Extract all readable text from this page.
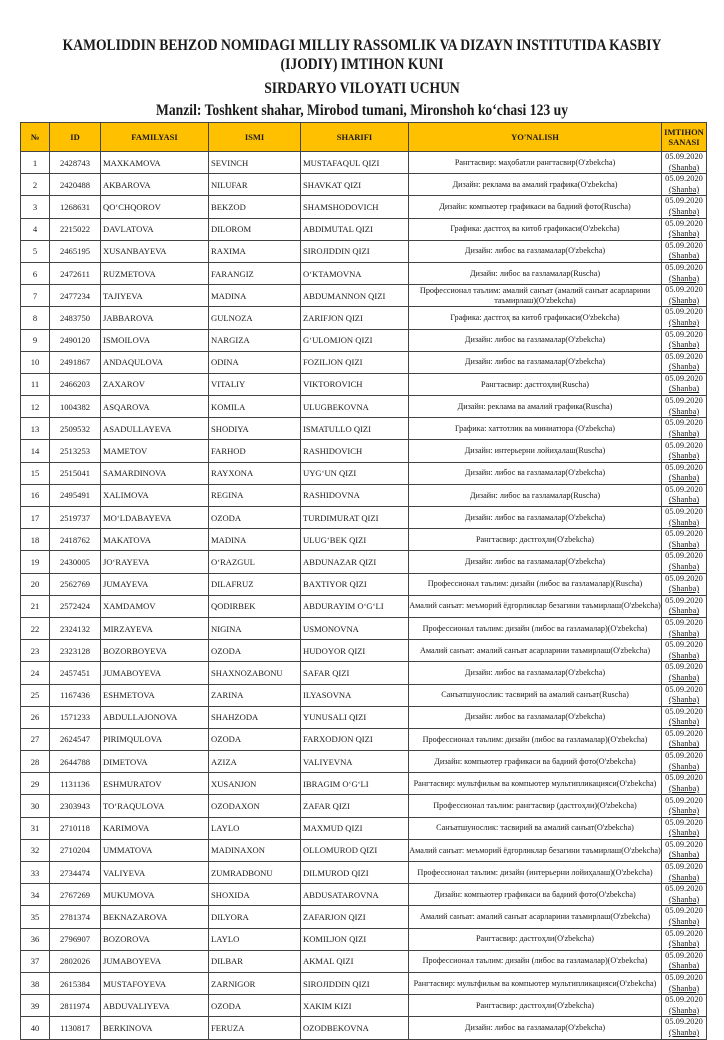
KAMOLIDDIN BEHZOD NOMIDAGI MILLIY RASSOMLIK VA DIZAYN INSTITUTIDA KASBIY
(IJODIY) IMTIHON KUNI
SIRDARYO VILOYATI UCHUN
Manzil: Toshkent shahar, Mirobod tumani, Mironshoh ko‘chasi 123 uy
№	ID	FAMILYASI	ISMI	SHARIFI	YO'NALISH	IMTIHON SANASI
1	2428743	MAXKAMOVA	SEVINCH	MUSTAFAQUL QIZI	Рангтасвир: маҳобатли рангтасвир(O'zbekcha)	05.09.2020
(Shanba)

2	2420488	AKBAROVA	NILUFAR	SHAVKAT QIZI	Дизайн: реклама ва амалий графика(O'zbekcha)	05.09.2020
(Shanba)

3	1268631	QO‘CHQOROV	BEKZOD	SHAMSHODOVICH	Дизайн: компьютер графикаси ва бадиий фото(Ruscha)	05.09.2020
(Shanba)

4	2215022	DAVLATOVA	DILOROM	ABDIMUTAL QIZI	Графика: дастгоҳ ва китоб графикаси(O'zbekcha)	05.09.2020
(Shanba)

5	2465195	XUSANBAYEVA	RAXIMA	SIROJIDDIN QIZI	Дизайн: либос ва газламалар(O'zbekcha)	05.09.2020
(Shanba)

6	2472611	RUZMETOVA	FARANGIZ	O‘KTAMOVNA	Дизайн: либос ва газламалар(Ruscha)	05.09.2020
(Shanba)

7	2477234	TAJIYEVA	MADINA	ABDUMANNON QIZI	Профессионал таълим: амалий санъат (амалий санъат асарларини таъмирлаш)(O'zbekcha)	05.09.2020
(Shanba)

8	2483750	JABBAROVA	GULNOZA	ZARIFJON QIZI	Графика: дастгоҳ ва китоб графикаси(O'zbekcha)	05.09.2020
(Shanba)

9	2490120	ISMOILOVA	NARGIZA	G‘ULOMJON QIZI	Дизайн: либос ва газламалар(O'zbekcha)	05.09.2020
(Shanba)

10	2491867	ANDAQULOVA	ODINA	FOZILJON QIZI	Дизайн: либос ва газламалар(O'zbekcha)	05.09.2020
(Shanba)

11	2466203	ZAXAROV	VITALIY	VIKTOROVICH	Рангтасвир: дастгоҳли(Ruscha)	05.09.2020
(Shanba)

12	1004382	ASQAROVA	KOMILA	ULUGBEKOVNA	Дизайн: реклама ва амалий графика(Ruscha)	05.09.2020
(Shanba)

13	2509532	ASADULLAYEVA	SHODIYA	ISMATULLO QIZI	Графика: хаттотлик ва миниатюра (O'zbekcha)	05.09.2020
(Shanba)

14	2513253	MAMETOV	FARHOD	RASHIDOVICH	Дизайн: интерьерни лойиҳалаш(Ruscha)	05.09.2020
(Shanba)

15	2515041	SAMARDINOVA	RAYXONA	UYG‘UN QIZI	Дизайн: либос ва газламалар(O'zbekcha)	05.09.2020
(Shanba)

16	2495491	XALIMOVA	REGINA	RASHIDOVNA	Дизайн: либос ва газламалар(Ruscha)	05.09.2020
(Shanba)

17	2519737	MO‘LDABAYEVA	OZODA	TURDIMURAT QIZI	Дизайн: либос ва газламалар(O'zbekcha)	05.09.2020
(Shanba)

18	2418762	MAKATOVA	MADINA	ULUG‘BEK QIZI	Рангтасвир: дастгоҳли(O'zbekcha)	05.09.2020
(Shanba)

19	2430005	JO‘RAYEVA	O‘RAZGUL	ABDUNAZAR QIZI	Дизайн: либос ва газламалар(O'zbekcha)	05.09.2020
(Shanba)

20	2562769	JUMAYEVA	DILAFRUZ	BAXTIYOR QIZI	Профессионал таълим: дизайн (либос ва газламалар)(Ruscha)	05.09.2020
(Shanba)

21	2572424	XAMDAMOV	QODIRBEK	ABDURAYIM O‘G‘LI	Амалий санъат: меъморий ёдгорликлар безагини таъмирлаш(O'zbekcha)	05.09.2020
(Shanba)

22	2324132	MIRZAYEVA	NIGINA	USMONOVNA	Профессионал таълим: дизайн (либос ва газламалар)(O'zbekcha)	05.09.2020
(Shanba)

23	2323128	BOZORBOYEVA	OZODA	HUDOYOR QIZI	Амалий санъат: амалий санъат асарларини таъмирлаш(O'zbekcha)	05.09.2020
(Shanba)

24	2457451	JUMABOYEVA	SHAXNOZABONU	SAFAR QIZI	Дизайн: либос ва газламалар(O'zbekcha)	05.09.2020
(Shanba)

25	1167436	ESHMETOVA	ZARINA	ILYASOVNA	Санъатшунослик: тасвирий ва амалий санъат(Ruscha)	05.09.2020
(Shanba)

26	1571233	ABDULLAJONOVA	SHAHZODA	YUNUSALI QIZI	Дизайн: либос ва газламалар(O'zbekcha)	05.09.2020
(Shanba)

27	2624547	PIRIMQULOVA	OZODA	FARXODJON QIZI	Профессионал таълим: дизайн (либос ва газламалар)(O'zbekcha)	05.09.2020
(Shanba)

28	2644788	DIMETOVA	AZIZA	VALIYEVNA	Дизайн: компьютер графикаси ва бадиий фото(O'zbekcha)	05.09.2020
(Shanba)

29	1131136	ESHMURATOV	XUSANJON	IBRAGIM O‘G‘LI	Рангтасвир: мультфильм ва компьютер мультипликацияси(O'zbekcha)	05.09.2020
(Shanba)

30	2303943	TO‘RAQULOVA	OZODAXON	ZAFAR QIZI	Профессионал таълим: рангтасвир (дастгоҳли)(O'zbekcha)	05.09.2020
(Shanba)

31	2710118	KARIMOVA	LAYLO	MAXMUD QIZI	Санъатшунослик: тасвирий ва амалий санъат(O'zbekcha)	05.09.2020
(Shanba)

32	2710204	UMMATOVA	MADINAXON	OLLOMUROD QIZI	Амалий санъат: меъморий ёдгорликлар безагини таъмирлаш(O'zbekcha)	05.09.2020
(Shanba)

33	2734474	VALIYEVA	ZUMRADBONU	DILMUROD QIZI	Профессионал таълим: дизайн (интерьерни лойиҳалаш)(O'zbekcha)	05.09.2020
(Shanba)

34	2767269	MUKUMOVA	SHOXIDA	ABDUSATAROVNA	Дизайн: компьютер графикаси ва бадиий фото(O'zbekcha)	05.09.2020
(Shanba)

35	2781374	BEKNAZAROVA	DILYORA	ZAFARJON QIZI	Амалий санъат: амалий санъат асарларини таъмирлаш(O'zbekcha)	05.09.2020
(Shanba)

36	2796907	BOZOROVA	LAYLO	KOMILJON QIZI	Рангтасвир: дастгоҳли(O'zbekcha)	05.09.2020
(Shanba)

37	2802026	JUMABOYEVA	DILBAR	AKMAL QIZI	Профессионал таълим: дизайн (либос ва газламалар)(O'zbekcha)	05.09.2020
(Shanba)

38	2615384	MUSTAFOYEVA	ZARNIGOR	SIROJIDDIN QIZI	Рангтасвир: мультфильм ва компьютер мультипликацияси(O'zbekcha)	05.09.2020
(Shanba)

39	2811974	ABDUVALIYEVA	OZODA	XAKIM KIZI	Рангтасвир: дастгоҳли(O'zbekcha)	05.09.2020
(Shanba)

40	1130817	BERKINOVA	FERUZA	OZODBEKOVNA	Дизайн: либос ва газламалар(O'zbekcha)	05.09.2020
(Shanba)
